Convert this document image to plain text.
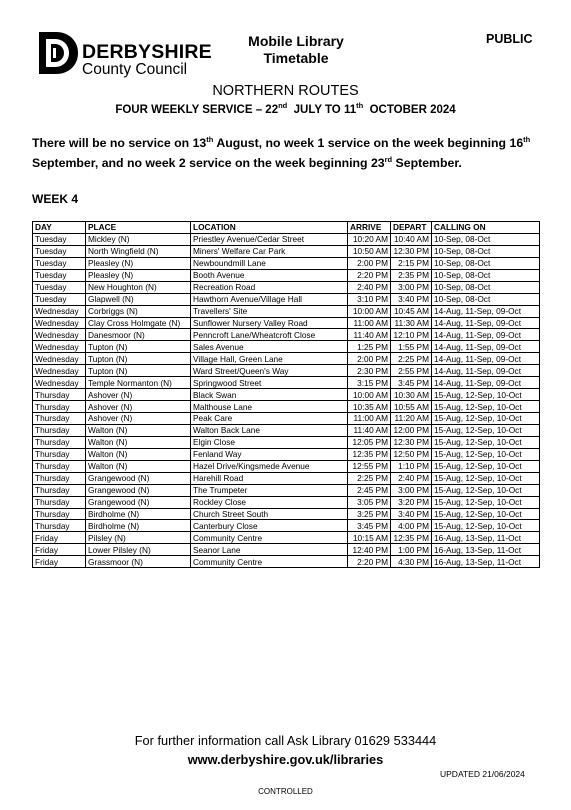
DERBYSHIRE
County Council
Mobile Library
Timetable
PUBLIC
NORTHERN ROUTES
FOUR WEEKLY SERVICE – 22nd  JULY TO 11th  OCTOBER 2024
There will be no service on 13th August, no week 1 service on the week beginning 16th September, and no week 2 service on the week beginning 23rd September.
WEEK 4
DAY	PLACE	LOCATION	ARRIVE	DEPART	CALLING ON
Tuesday	Mickley (N)	Priestley Avenue/Cedar Street	10:20 AM	10:40 AM	10-Sep, 08-Oct
Tuesday	North Wingfield (N)	Miners' Welfare Car Park	10:50 AM	12:30 PM	10-Sep, 08-Oct
Tuesday	Pleasley (N)	Newboundmill Lane	2:00 PM	2:15 PM	10-Sep, 08-Oct
Tuesday	Pleasley (N)	Booth Avenue	2:20 PM	2:35 PM	10-Sep, 08-Oct
Tuesday	New Houghton (N)	Recreation Road	2:40 PM	3:00 PM	10-Sep, 08-Oct
Tuesday	Glapwell (N)	Hawthorn Avenue/Village Hall	3:10 PM	3:40 PM	10-Sep, 08-Oct
Wednesday	Corbriggs (N)	Travellers' Site	10:00 AM	10:45 AM	14-Aug, 11-Sep, 09-Oct
Wednesday	Clay Cross Holmgate (N)	Sunflower Nursery Valley Road	11:00 AM	11:30 AM	14-Aug, 11-Sep, 09-Oct
Wednesday	Danesmoor (N)	Penncroft Lane/Wheatcroft Close	11:40 AM	12:10 PM	14-Aug, 11-Sep, 09-Oct
Wednesday	Tupton (N)	Sales Avenue	1:25 PM	1:55 PM	14-Aug, 11-Sep, 09-Oct
Wednesday	Tupton (N)	Village Hall, Green Lane	2:00 PM	2:25 PM	14-Aug, 11-Sep, 09-Oct
Wednesday	Tupton (N)	Ward Street/Queen's Way	2:30 PM	2:55 PM	14-Aug, 11-Sep, 09-Oct
Wednesday	Temple Normanton (N)	Springwood Street	3:15 PM	3:45 PM	14-Aug, 11-Sep, 09-Oct
Thursday	Ashover (N)	Black Swan	10:00 AM	10:30 AM	15-Aug, 12-Sep, 10-Oct
Thursday	Ashover (N)	Malthouse Lane	10:35 AM	10:55 AM	15-Aug, 12-Sep, 10-Oct
Thursday	Ashover (N)	Peak Care	11:00 AM	11:20 AM	15-Aug, 12-Sep, 10-Oct
Thursday	Walton (N)	Walton Back Lane	11:40 AM	12:00 PM	15-Aug, 12-Sep, 10-Oct
Thursday	Walton (N)	Elgin Close	12:05 PM	12:30 PM	15-Aug, 12-Sep, 10-Oct
Thursday	Walton (N)	Fenland Way	12:35 PM	12:50 PM	15-Aug, 12-Sep, 10-Oct
Thursday	Walton (N)	Hazel Drive/Kingsmede Avenue	12:55 PM	1:10 PM	15-Aug, 12-Sep, 10-Oct
Thursday	Grangewood (N)	Harehill Road	2:25 PM	2:40 PM	15-Aug, 12-Sep, 10-Oct
Thursday	Grangewood (N)	The Trumpeter	2:45 PM	3:00 PM	15-Aug, 12-Sep, 10-Oct
Thursday	Grangewood (N)	Rockley Close	3:05 PM	3:20 PM	15-Aug, 12-Sep, 10-Oct
Thursday	Birdholme (N)	Church Street South	3:25 PM	3:40 PM	15-Aug, 12-Sep, 10-Oct
Thursday	Birdholme (N)	Canterbury Close	3:45 PM	4:00 PM	15-Aug, 12-Sep, 10-Oct
Friday	Pilsley (N)	Community Centre	10:15 AM	12:35 PM	16-Aug, 13-Sep, 11-Oct
Friday	Lower Pilsley (N)	Seanor Lane	12:40 PM	1:00 PM	16-Aug, 13-Sep, 11-Oct
Friday	Grassmoor (N)	Community Centre	2:20 PM	4:30 PM	16-Aug, 13-Sep, 11-Oct
For further information call Ask Library 01629 533444
www.derbyshire.gov.uk/libraries
UPDATED 21/06/2024
CONTROLLED
